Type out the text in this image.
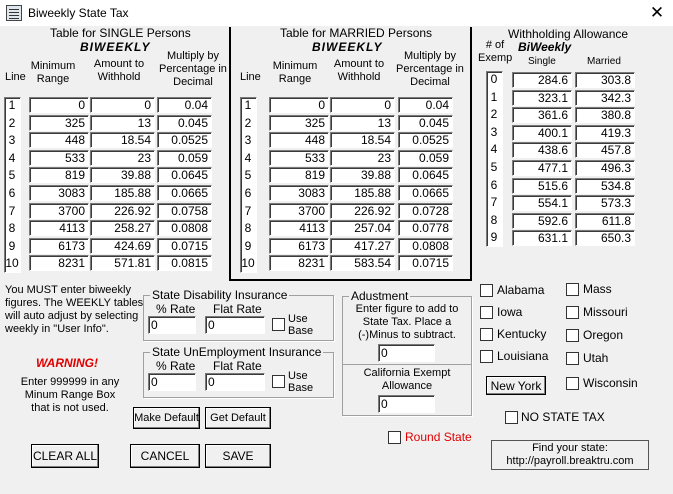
Biweekly State Tax	✕
Table for SINGLE Persons
BIWEEKLY
Line
Minimum
Range
Amount to
Withhold
Multiply by
Percentage in
Decimal
1	0	0	0.04
2	325	13	0.045
3	448	18.54	0.0525
4	533	23	0.059
5	819	39.88	0.0645
6	3083	185.88	0.0665
7	3700	226.92	0.0758
8	4113	258.27	0.0808
9	6173	424.69	0.0715
10	8231	571.81	0.0815
Table for MARRIED Persons
BIWEEKLY
Line
Minimum
Range
Amount to
Withhold
Multiply by
Percentage in
Decimal
1	0	0	0.04
2	325	13	0.045
3	448	18.54	0.0525
4	533	23	0.059
5	819	39.88	0.0645
6	3083	185.88	0.0665
7	3700	226.92	0.0728
8	4113	257.04	0.0778
9	6173	417.27	0.0808
10	8231	583.54	0.0715
Withholding Allowance
# of
Exemp
BiWeekly
Single	Married
0	284.6	303.8
1	323.1	342.3
2	361.6	380.8
3	400.1	419.3
4	438.6	457.8
5	477.1	496.3
6	515.6	534.8
7	554.1	573.3
8	592.6	611.8
9	631.1	650.3
You MUST enter biweekly
figures. The WEEKLY tables
will auto adjust by selecting
weekly in "User Info".
WARNING!
Enter 999999 in any
Minum Range Box
that is not used.
State Disability Insurance
% Rate Flat Rate
0	0	Use
Base
State UnEmployment Insurance
% Rate Flat Rate
0	0	Use
Base
Adustment
Enter figure to add to
State Tax. Place a
(-)Minus to subtract.
0
California Exempt
Allowance
0
Alabama
Iowa
Kentucky
Louisiana
Mass
Missouri
Oregon
Utah
Wisconsin
New York
NO STATE TAX
Make Default	Get Default
CLEAR ALL	CANCEL	SAVE
Round State
Find your state:
http://payroll.breaktru.com
